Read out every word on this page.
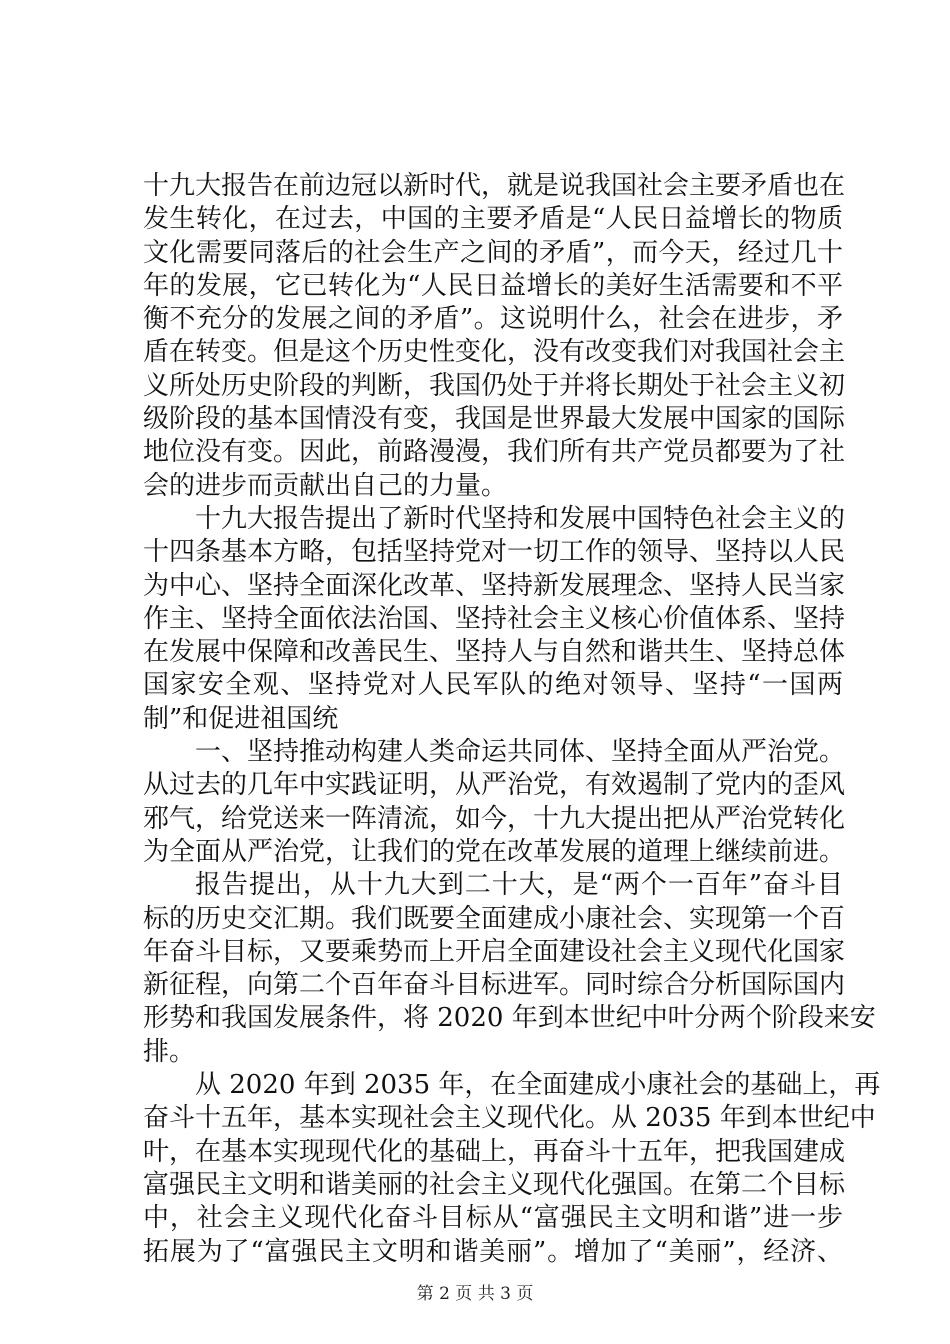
十九大报告在前边冠以新时代，就是说我国社会主要矛盾也在
发生转化，在过去，中国的主要矛盾是“人民日益增长的物质
文化需要同落后的社会生产之间的矛盾”，而今天，经过几十
年的发展，它已转化为“人民日益增长的美好生活需要和不平
衡不充分的发展之间的矛盾”。这说明什么，社会在进步，矛
盾在转变。但是这个历史性变化，没有改变我们对我国社会主
义所处历史阶段的判断，我国仍处于并将长期处于社会主义初
级阶段的基本国情没有变，我国是世界最大发展中国家的国际
地位没有变。因此，前路漫漫，我们所有共产党员都要为了社
会的进步而贡献出自己的力量。
十九大报告提出了新时代坚持和发展中国特色社会主义的
十四条基本方略，包括坚持党对一切工作的领导、坚持以人民
为中心、坚持全面深化改革、坚持新发展理念、坚持人民当家
作主、坚持全面依法治国、坚持社会主义核心价值体系、坚持
在发展中保障和改善民生、坚持人与自然和谐共生、坚持总体
国家安全观、坚持党对人民军队的绝对领导、坚持“一国两
制”和促进祖国统
一、坚持推动构建人类命运共同体、坚持全面从严治党。
从过去的几年中实践证明，从严治党，有效遏制了党内的歪风
邪气，给党送来一阵清流，如今，十九大提出把从严治党转化
为全面从严治党，让我们的党在改革发展的道理上继续前进。
报告提出，从十九大到二十大，是“两个一百年”奋斗目
标的历史交汇期。我们既要全面建成小康社会、实现第一个百
年奋斗目标，又要乘势而上开启全面建设社会主义现代化国家
新征程，向第二个百年奋斗目标进军。同时综合分析国际国内
形势和我国发展条件，将 2020 年到本世纪中叶分两个阶段来安
排。
从 2020 年到 2035 年，在全面建成小康社会的基础上，再
奋斗十五年，基本实现社会主义现代化。从 2035 年到本世纪中
叶，在基本实现现代化的基础上，再奋斗十五年，把我国建成
富强民主文明和谐美丽的社会主义现代化强国。在第二个目标
中，社会主义现代化奋斗目标从“富强民主文明和谐”进一步
拓展为了“富强民主文明和谐美丽”。增加了“美丽”，经济、
第 2 页 共 3 页
